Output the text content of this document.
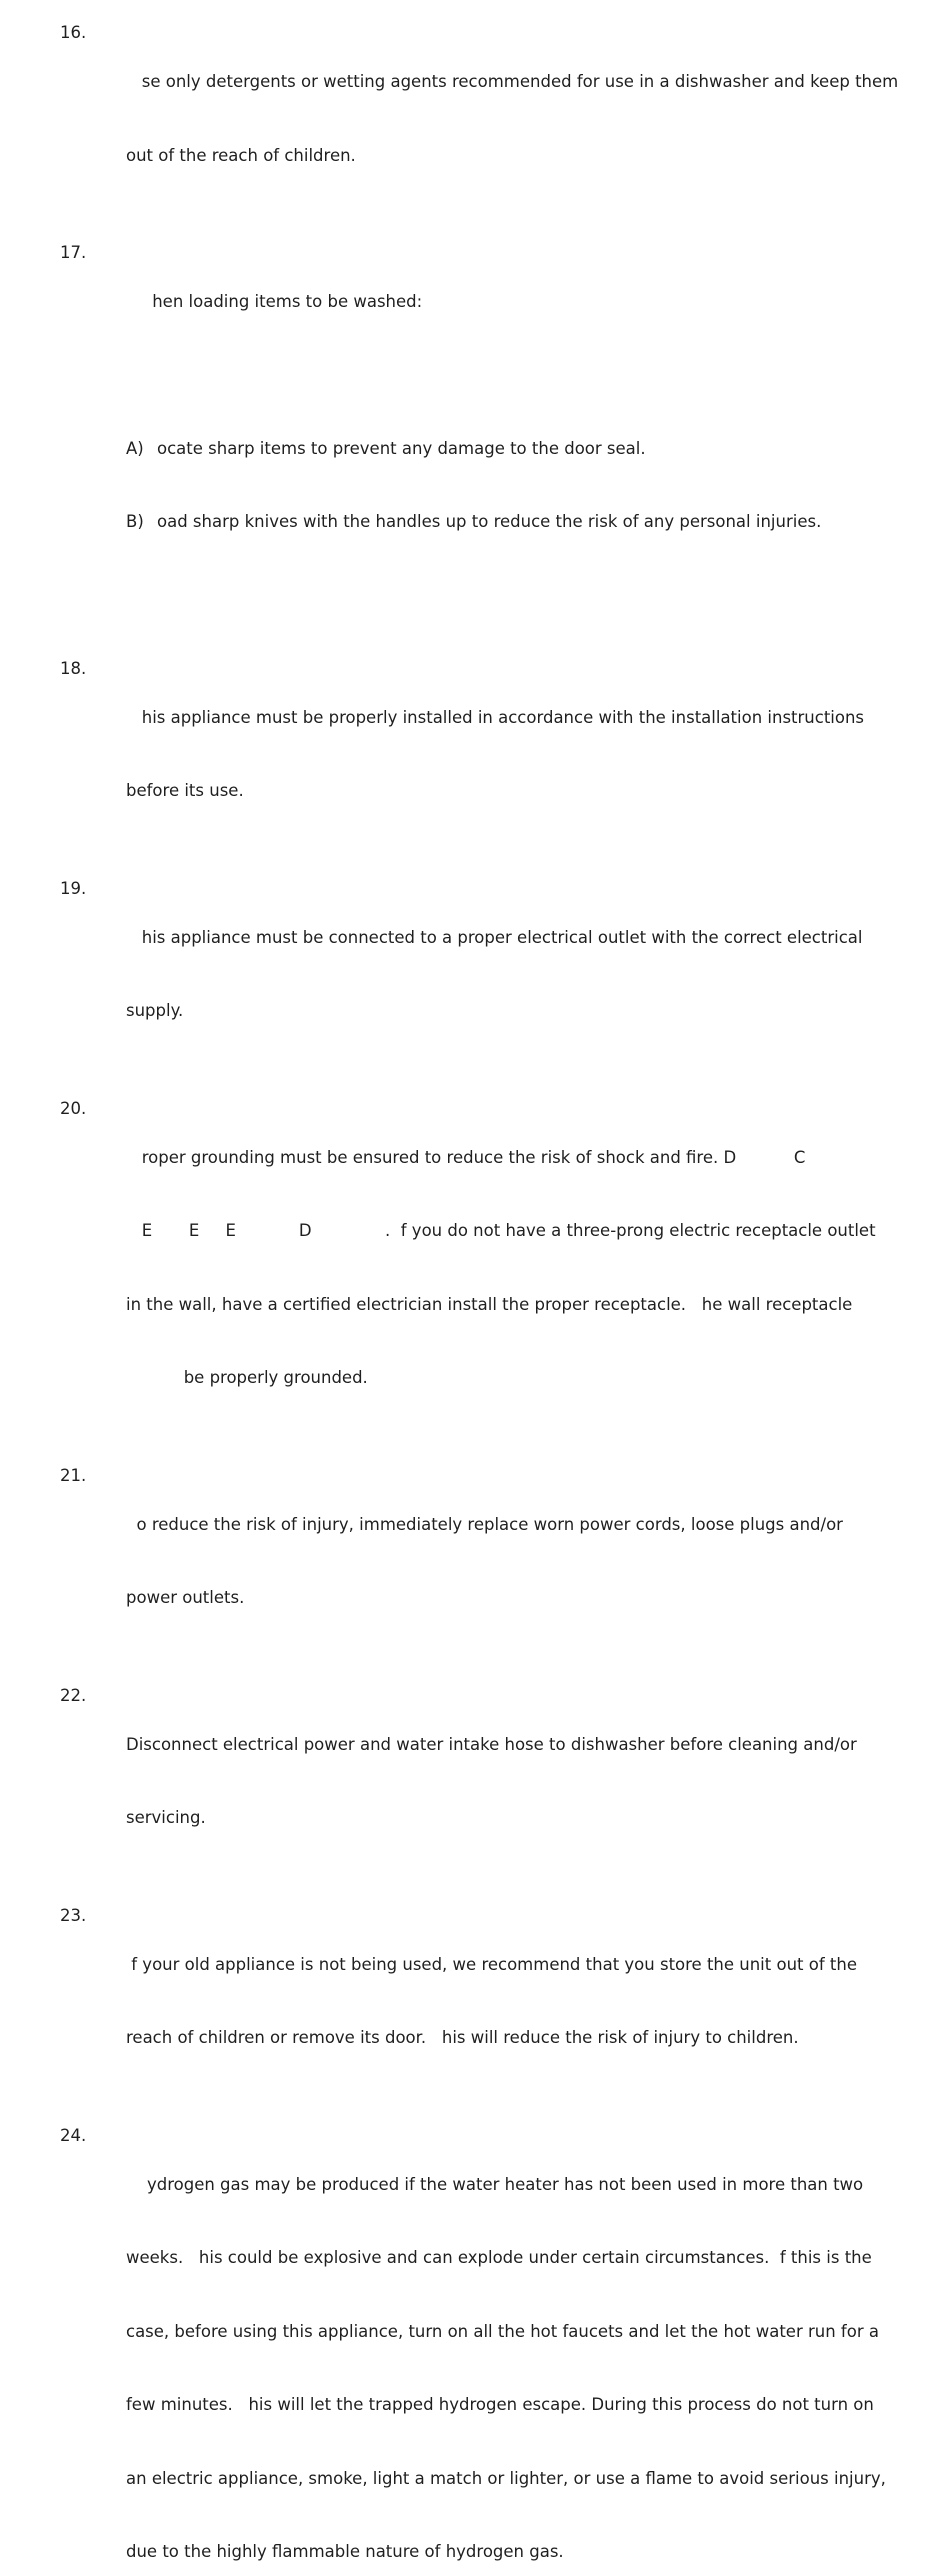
16.

se only detergents or wetting agents recommended for use in a dishwasher and keep them

out of the reach of children.

17.

hen loading items to be washed:

A) ocate sharp items to prevent any damage to the door seal.

B) oad sharp knives with the handles up to reduce the risk of any personal injuries.

18.

his appliance must be properly installed in accordance with the installation instructions

before its use.

19.

his appliance must be connected to a proper electrical outlet with the correct electrical

supply.

20.

roper grounding must be ensured to reduce the risk of shock and fire. D           C

E       E     E            D              .  f you do not have a three-prong electric receptacle outlet

in the wall, have a certified electrician install the proper receptacle.   he wall receptacle

be properly grounded.

21.

o reduce the risk of injury, immediately replace worn power cords, loose plugs and/or

power outlets.

22.

Disconnect electrical power and water intake hose to dishwasher before cleaning and/or

servicing.

23.

f your old appliance is not being used, we recommend that you store the unit out of the

reach of children or remove its door.   his will reduce the risk of injury to children.

24.

ydrogen gas may be produced if the water heater has not been used in more than two

weeks.   his could be explosive and can explode under certain circumstances.  f this is the

case, before using this appliance, turn on all the hot faucets and let the hot water run for a

few minutes.   his will let the trapped hydrogen escape. During this process do not turn on

an electric appliance, smoke, light a match or lighter, or use a flame to avoid serious injury,

due to the highly flammable nature of hydrogen gas.
